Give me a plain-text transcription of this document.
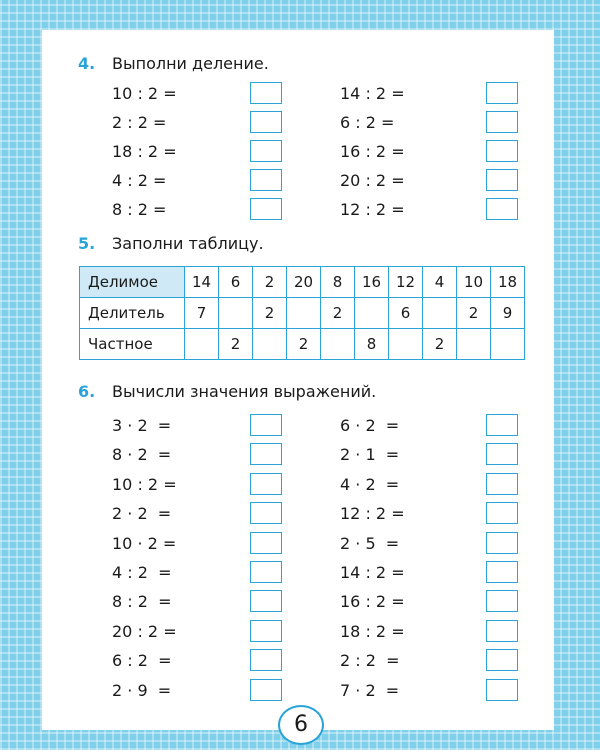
4. Выполни деление.
10 : 2 =
2 : 2 =
18 : 2 =
4 : 2 =
8 : 2 =
14 : 2 =
6 : 2 =
16 : 2 =
20 : 2 =
12 : 2 =
5. Заполни таблицу.
Делимое	14	6	2	20	8	16	12	4	10	18
Делитель	7		2		2		6		2	9
Частное		2		2		8		2		
6. Вычисли значения выражений.
3 · 2  =
8 · 2  =
10 : 2 =
2 · 2  =
10 · 2 =
4 : 2  =
8 : 2  =
20 : 2 =
6 : 2  =
2 · 9  =
6 · 2  =
2 · 1  =
4 · 2  =
12 : 2 =
2 · 5  =
14 : 2 =
16 : 2 =
18 : 2 =
2 : 2  =
7 · 2  =
6
